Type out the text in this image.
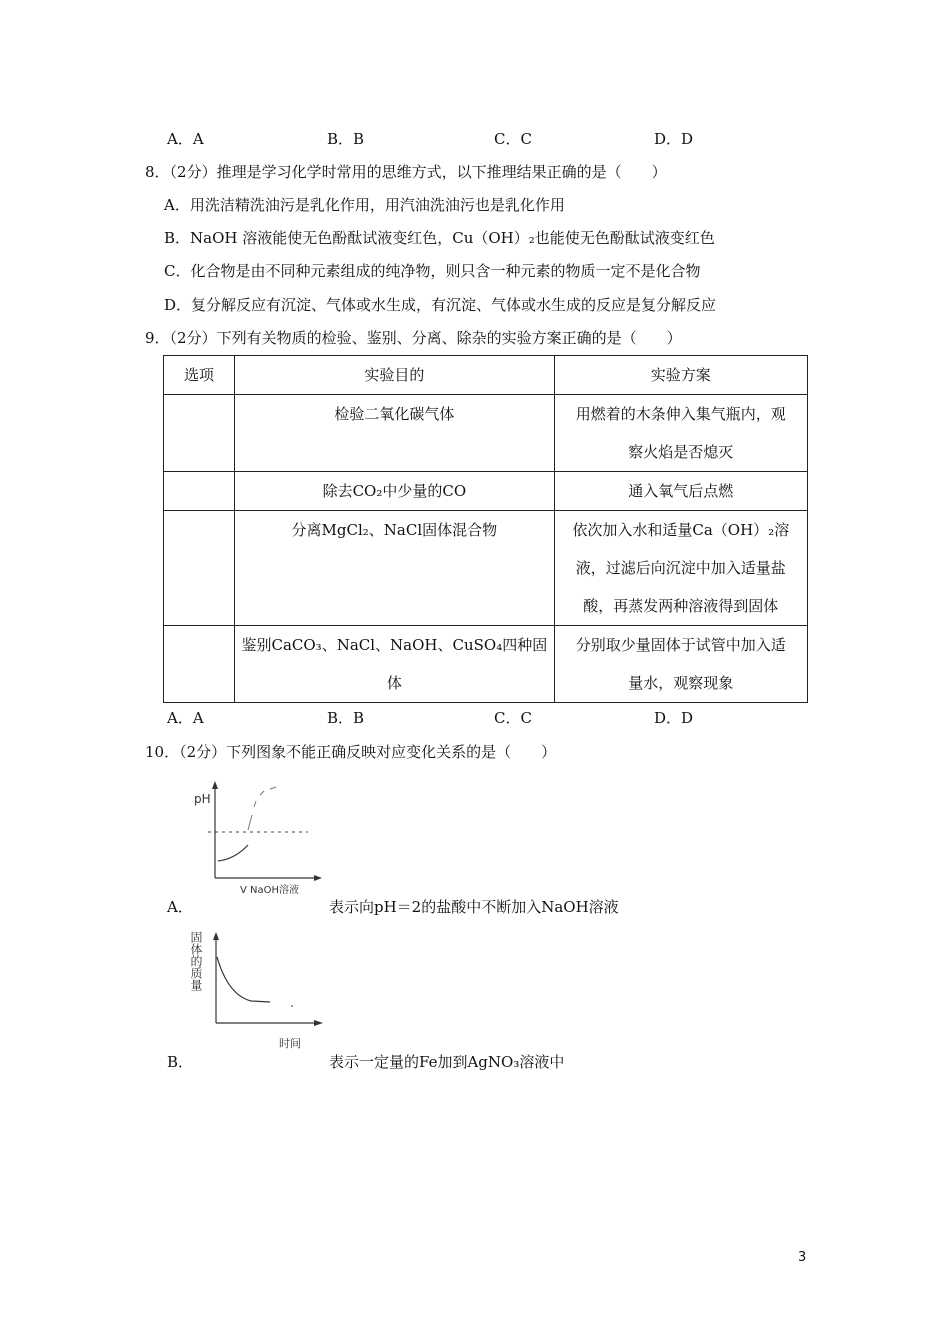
A．A	B．B	C．C	D．D
8．（2分）推理是学习化学时常用的思维方式，以下推理结果正确的是（　　）
A．用洗洁精洗油污是乳化作用，用汽油洗油污也是乳化作用
B．NaOH 溶液能使无色酚酞试液变红色，Cu（OH）₂也能使无色酚酞试液变红色
C．化合物是由不同种元素组成的纯净物，则只含一种元素的物质一定不是化合物
D．复分解反应有沉淀、气体或水生成，有沉淀、气体或水生成的反应是复分解反应
9．（2分）下列有关物质的检验、鉴别、分离、除杂的实验方案正确的是（　　）
选项	实验目的	实验方案
	检验二氧化碳气体	用燃着的木条伸入集气瓶内，观
察火焰是否熄灭

	除去CO₂中少量的CO	通入氧气后点燃

	分离MgCl₂、NaCl固体混合物	依次加入水和适量Ca（OH）₂溶
液，过滤后向沉淀中加入适量盐
酸，再蒸发两种溶液得到固体

	鉴别CaCO₃、NaCl、NaOH、CuSO₄四种固体	分别取少量固体于试管中加入适
量水，观察现象
A．A	B．B	C．C	D．D
10．（2分）下列图象不能正确反映对应变化关系的是（　　）
pH
V NaOH溶液
A．	表示向pH＝2的盐酸中不断加入NaOH溶液
固体的质量
时间
B．	表示一定量的Fe加到AgNO₃溶液中
3
